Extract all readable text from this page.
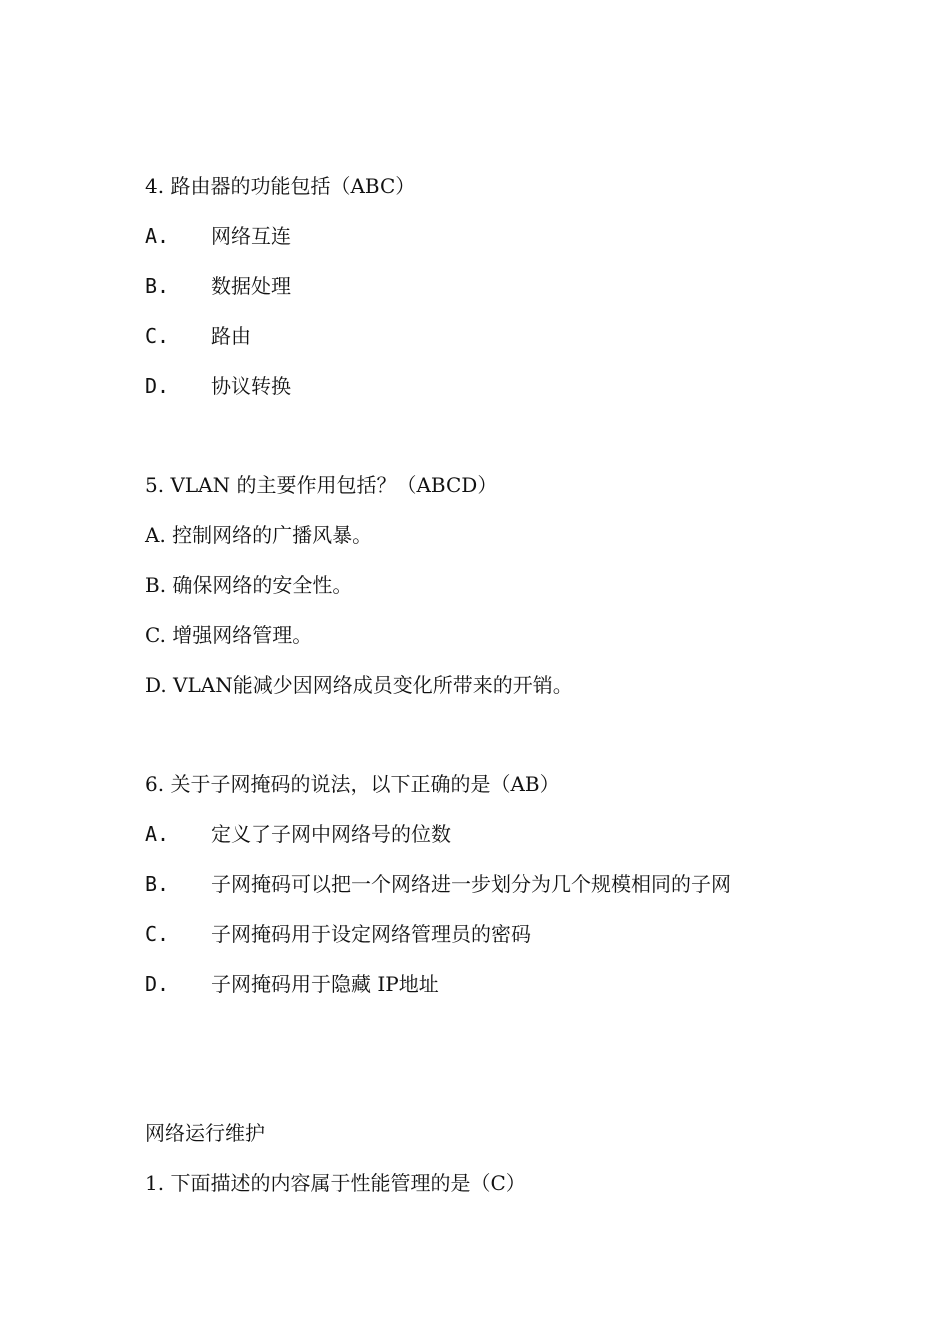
4. 路由器的功能包括（ABC）
A. 网络互连
B. 数据处理
C. 路由
D. 协议转换
5. VLAN 的主要作用包括？（ABCD）
A. 控制网络的广播风暴。
B. 确保网络的安全性。
C. 增强网络管理。
D. VLAN能减少因网络成员变化所带来的开销。
6. 关于子网掩码的说法，以下正确的是（AB）
A. 定义了子网中网络号的位数
B. 子网掩码可以把一个网络进一步划分为几个规模相同的子网
C. 子网掩码用于设定网络管理员的密码
D. 子网掩码用于隐藏 IP地址
网络运行维护
1. 下面描述的内容属于性能管理的是（C）
